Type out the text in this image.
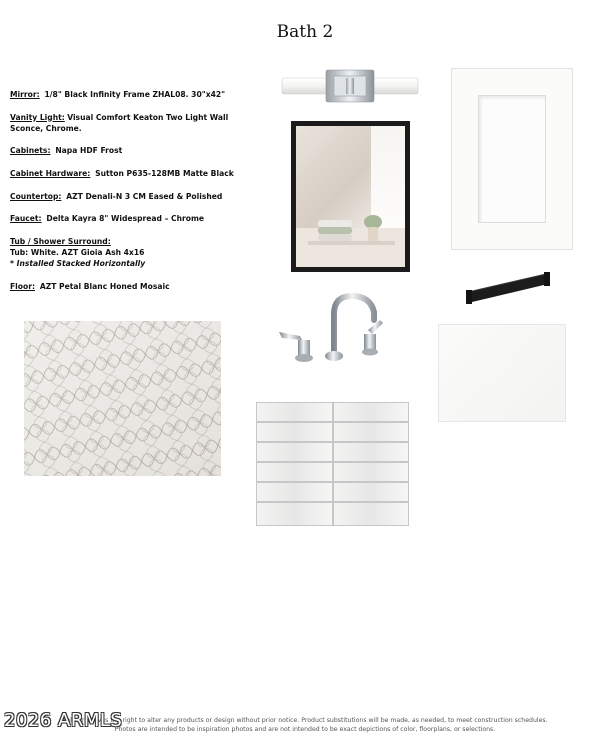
Bath 2
Mirror: 1/8" Black Infinity Frame ZHAL08. 30"x42"
Vanity Light: Visual Comfort Keaton Two Light Wall
Sconce, Chrome.
Cabinets: Napa HDF Frost
Cabinet Hardware: Sutton P635-128MB Matte Black
Countertop: AZT Denali-N 3 CM Eased & Polished
Faucet: Delta Kayra 8" Widespread – Chrome
Tub / Shower Surround:
Tub: White. AZT Gioia Ash 4x16
* Installed Stacked Horizontally
Floor: AZT Petal Blanc Honed Mosaic
Seller reserves the right to alter any products or design without prior notice. Product substitutions will be made, as needed, to meet construction schedules.
Photos are intended to be inspiration photos and are not intended to be exact depictions of color, floorplans, or selections.
2026 ARMLS
